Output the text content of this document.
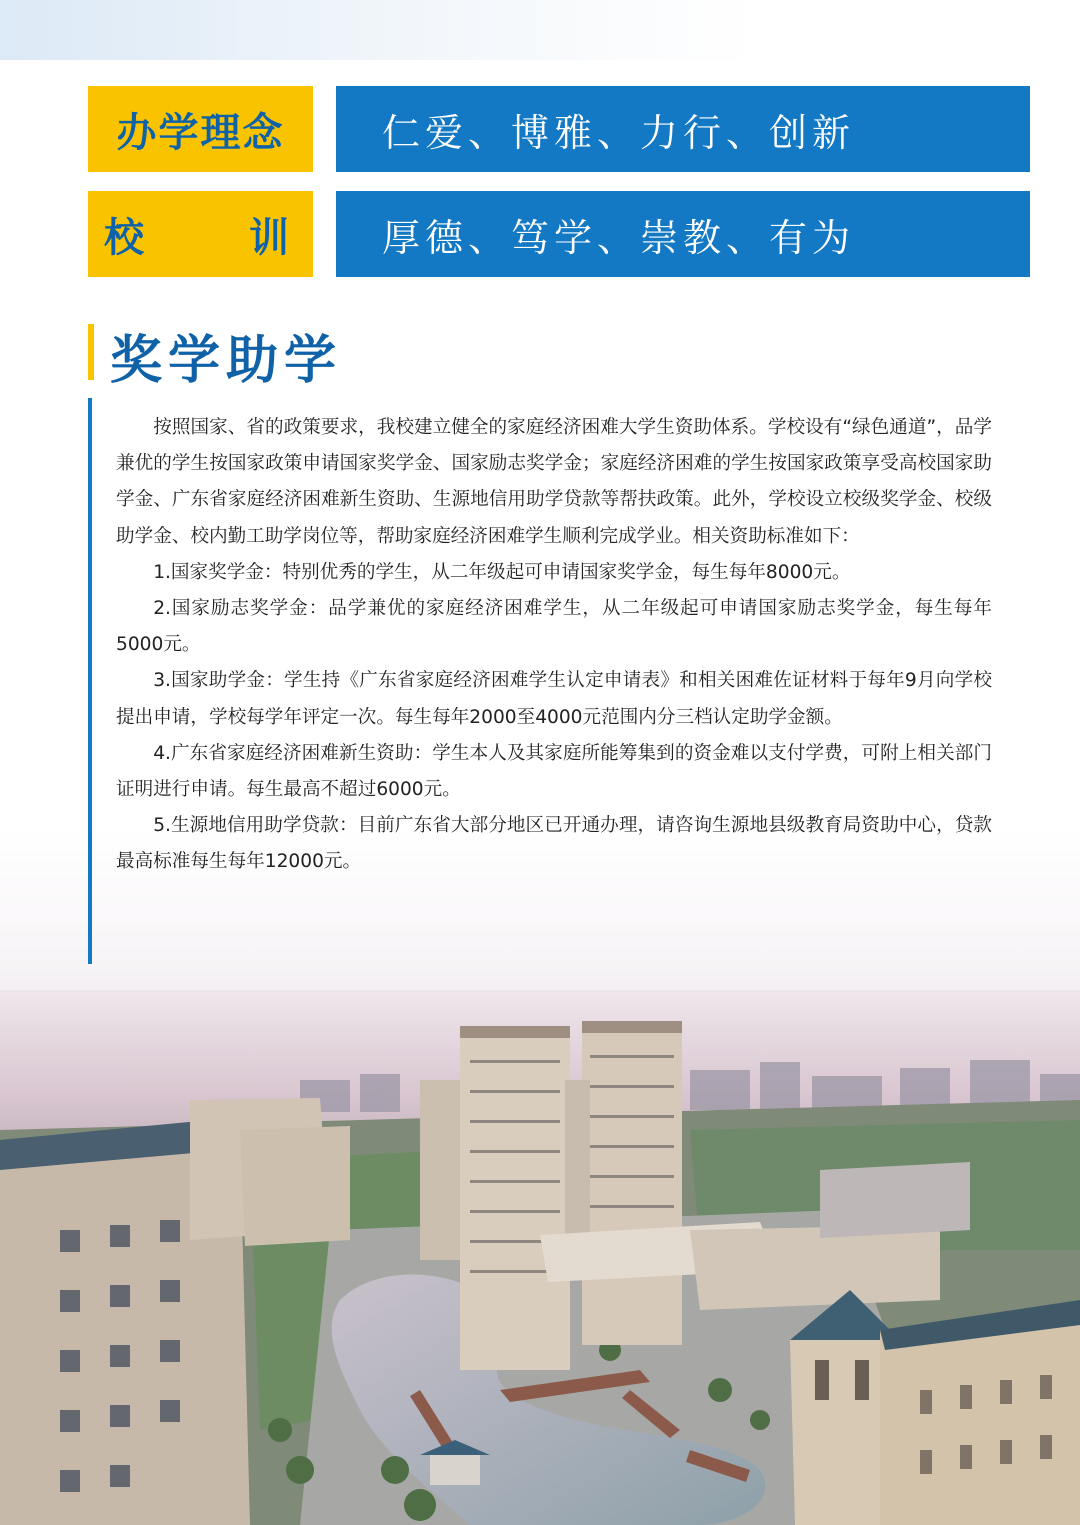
办学理念	仁爱、博雅、力行、创新
校	训 厚德、笃学、崇教、有为
奖学助学

按照国家、省的政策要求，我校建立健全的家庭经济困难大学生资助体系。学校设有“绿色通道”，品学兼优的学生按国家政策申请国家奖学金、国家励志奖学金；家庭经济困难的学生按国家政策享受高校国家助学金、广东省家庭经济困难新生资助、生源地信用助学贷款等帮扶政策。此外，学校设立校级奖学金、校级助学金、校内勤工助学岗位等，帮助家庭经济困难学生顺利完成学业。相关资助标准如下：

1.国家奖学金：特别优秀的学生，从二年级起可申请国家奖学金，每生每年8000元。

2.国家励志奖学金：品学兼优的家庭经济困难学生，从二年级起可申请国家励志奖学金，每生每年5000元。

3.国家助学金：学生持《广东省家庭经济困难学生认定申请表》和相关困难佐证材料于每年9月向学校提出申请，学校每学年评定一次。每生每年2000至4000元范围内分三档认定助学金额。

4.广东省家庭经济困难新生资助：学生本人及其家庭所能筹集到的资金难以支付学费，可附上相关部门证明进行申请。每生最高不超过6000元。

5.生源地信用助学贷款：目前广东省大部分地区已开通办理，请咨询生源地县级教育局资助中心，贷款最高标准每生每年12000元。
